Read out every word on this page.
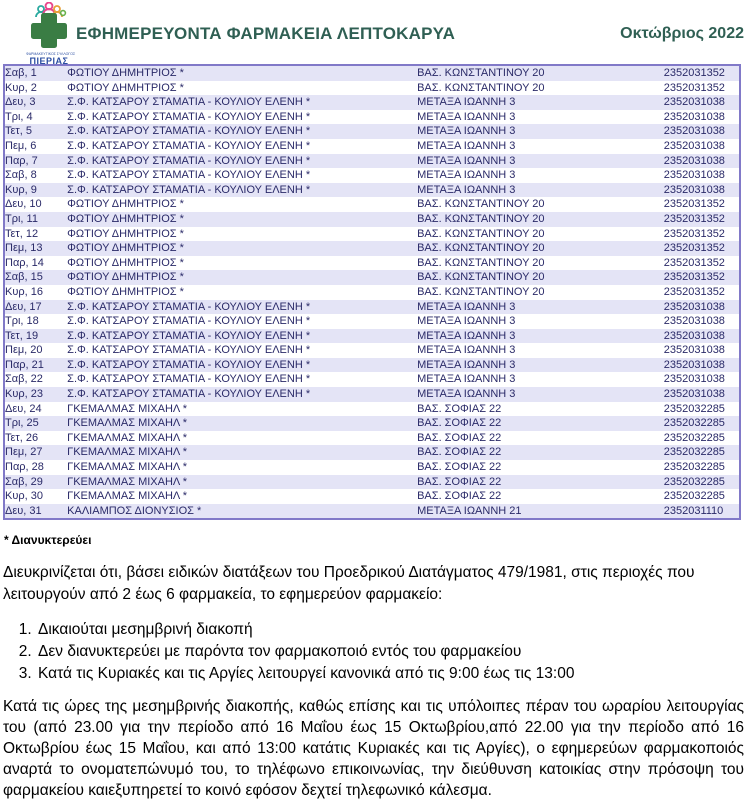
ΦΑΡΜΑΚΕΥΤΙΚΟΣ ΣΥΛΛΟΓΟΣ
ΠΙΕΡΙΑΣ
ΕΦΗΜΕΡΕΥΟΝΤΑ ΦΑΡΜΑΚΕΙΑ ΛΕΠΤΟΚΑΡΥΑ	Οκτώβριος 2022
Σαβ, 1	ΦΩΤΙΟΥ ΔΗΜΗΤΡΙΟΣ *	ΒΑΣ. ΚΩΝΣΤΑΝΤΙΝΟΥ 20	2352031352
Κυρ, 2	ΦΩΤΙΟΥ ΔΗΜΗΤΡΙΟΣ *	ΒΑΣ. ΚΩΝΣΤΑΝΤΙΝΟΥ 20	2352031352
Δευ, 3	Σ.Φ. ΚΑΤΣΑΡΟΥ ΣΤΑΜΑΤΙΑ - ΚΟΥΛΙΟΥ ΕΛΕΝΗ *	ΜΕΤΑΞΑ ΙΩΑΝΝΗ 3	2352031038
Τρι, 4	Σ.Φ. ΚΑΤΣΑΡΟΥ ΣΤΑΜΑΤΙΑ - ΚΟΥΛΙΟΥ ΕΛΕΝΗ *	ΜΕΤΑΞΑ ΙΩΑΝΝΗ 3	2352031038
Τετ, 5	Σ.Φ. ΚΑΤΣΑΡΟΥ ΣΤΑΜΑΤΙΑ - ΚΟΥΛΙΟΥ ΕΛΕΝΗ *	ΜΕΤΑΞΑ ΙΩΑΝΝΗ 3	2352031038
Πεμ, 6	Σ.Φ. ΚΑΤΣΑΡΟΥ ΣΤΑΜΑΤΙΑ - ΚΟΥΛΙΟΥ ΕΛΕΝΗ *	ΜΕΤΑΞΑ ΙΩΑΝΝΗ 3	2352031038
Παρ, 7	Σ.Φ. ΚΑΤΣΑΡΟΥ ΣΤΑΜΑΤΙΑ - ΚΟΥΛΙΟΥ ΕΛΕΝΗ *	ΜΕΤΑΞΑ ΙΩΑΝΝΗ 3	2352031038
Σαβ, 8	Σ.Φ. ΚΑΤΣΑΡΟΥ ΣΤΑΜΑΤΙΑ - ΚΟΥΛΙΟΥ ΕΛΕΝΗ *	ΜΕΤΑΞΑ ΙΩΑΝΝΗ 3	2352031038
Κυρ, 9	Σ.Φ. ΚΑΤΣΑΡΟΥ ΣΤΑΜΑΤΙΑ - ΚΟΥΛΙΟΥ ΕΛΕΝΗ *	ΜΕΤΑΞΑ ΙΩΑΝΝΗ 3	2352031038
Δευ, 10	ΦΩΤΙΟΥ ΔΗΜΗΤΡΙΟΣ *	ΒΑΣ. ΚΩΝΣΤΑΝΤΙΝΟΥ 20	2352031352
Τρι, 11	ΦΩΤΙΟΥ ΔΗΜΗΤΡΙΟΣ *	ΒΑΣ. ΚΩΝΣΤΑΝΤΙΝΟΥ 20	2352031352
Τετ, 12	ΦΩΤΙΟΥ ΔΗΜΗΤΡΙΟΣ *	ΒΑΣ. ΚΩΝΣΤΑΝΤΙΝΟΥ 20	2352031352
Πεμ, 13	ΦΩΤΙΟΥ ΔΗΜΗΤΡΙΟΣ *	ΒΑΣ. ΚΩΝΣΤΑΝΤΙΝΟΥ 20	2352031352
Παρ, 14	ΦΩΤΙΟΥ ΔΗΜΗΤΡΙΟΣ *	ΒΑΣ. ΚΩΝΣΤΑΝΤΙΝΟΥ 20	2352031352
Σαβ, 15	ΦΩΤΙΟΥ ΔΗΜΗΤΡΙΟΣ *	ΒΑΣ. ΚΩΝΣΤΑΝΤΙΝΟΥ 20	2352031352
Κυρ, 16	ΦΩΤΙΟΥ ΔΗΜΗΤΡΙΟΣ *	ΒΑΣ. ΚΩΝΣΤΑΝΤΙΝΟΥ 20	2352031352
Δευ, 17	Σ.Φ. ΚΑΤΣΑΡΟΥ ΣΤΑΜΑΤΙΑ - ΚΟΥΛΙΟΥ ΕΛΕΝΗ *	ΜΕΤΑΞΑ ΙΩΑΝΝΗ 3	2352031038
Τρι, 18	Σ.Φ. ΚΑΤΣΑΡΟΥ ΣΤΑΜΑΤΙΑ - ΚΟΥΛΙΟΥ ΕΛΕΝΗ *	ΜΕΤΑΞΑ ΙΩΑΝΝΗ 3	2352031038
Τετ, 19	Σ.Φ. ΚΑΤΣΑΡΟΥ ΣΤΑΜΑΤΙΑ - ΚΟΥΛΙΟΥ ΕΛΕΝΗ *	ΜΕΤΑΞΑ ΙΩΑΝΝΗ 3	2352031038
Πεμ, 20	Σ.Φ. ΚΑΤΣΑΡΟΥ ΣΤΑΜΑΤΙΑ - ΚΟΥΛΙΟΥ ΕΛΕΝΗ *	ΜΕΤΑΞΑ ΙΩΑΝΝΗ 3	2352031038
Παρ, 21	Σ.Φ. ΚΑΤΣΑΡΟΥ ΣΤΑΜΑΤΙΑ - ΚΟΥΛΙΟΥ ΕΛΕΝΗ *	ΜΕΤΑΞΑ ΙΩΑΝΝΗ 3	2352031038
Σαβ, 22	Σ.Φ. ΚΑΤΣΑΡΟΥ ΣΤΑΜΑΤΙΑ - ΚΟΥΛΙΟΥ ΕΛΕΝΗ *	ΜΕΤΑΞΑ ΙΩΑΝΝΗ 3	2352031038
Κυρ, 23	Σ.Φ. ΚΑΤΣΑΡΟΥ ΣΤΑΜΑΤΙΑ - ΚΟΥΛΙΟΥ ΕΛΕΝΗ *	ΜΕΤΑΞΑ ΙΩΑΝΝΗ 3	2352031038
Δευ, 24	ΓΚΕΜΑΛΜΑΣ ΜΙΧΑΗΛ *	ΒΑΣ. ΣΟΦΙΑΣ 22	2352032285
Τρι, 25	ΓΚΕΜΑΛΜΑΣ ΜΙΧΑΗΛ *	ΒΑΣ. ΣΟΦΙΑΣ 22	2352032285
Τετ, 26	ΓΚΕΜΑΛΜΑΣ ΜΙΧΑΗΛ *	ΒΑΣ. ΣΟΦΙΑΣ 22	2352032285
Πεμ, 27	ΓΚΕΜΑΛΜΑΣ ΜΙΧΑΗΛ *	ΒΑΣ. ΣΟΦΙΑΣ 22	2352032285
Παρ, 28	ΓΚΕΜΑΛΜΑΣ ΜΙΧΑΗΛ *	ΒΑΣ. ΣΟΦΙΑΣ 22	2352032285
Σαβ, 29	ΓΚΕΜΑΛΜΑΣ ΜΙΧΑΗΛ *	ΒΑΣ. ΣΟΦΙΑΣ 22	2352032285
Κυρ, 30	ΓΚΕΜΑΛΜΑΣ ΜΙΧΑΗΛ *	ΒΑΣ. ΣΟΦΙΑΣ 22	2352032285
Δευ, 31	ΚΑΛΙΑΜΠΟΣ ΔΙΟΝΥΣΙΟΣ *	ΜΕΤΑΞΑ ΙΩΑΝΝΗ 21	2352031110
* Διανυκτερεύει
Διευκρινίζεται ότι, βάσει ειδικών διατάξεων του Προεδρικού Διατάγματος 479/1981, στις περιοχές που λειτουργούν από 2 έως 6 φαρμακεία, το εφημερεύον φαρμακείο:
1. Δικαιούται μεσημβρινή διακοπή
2. Δεν διανυκτερεύει με παρόντα τον φαρμακοποιό εντός του φαρμακείου
3. Κατά τις Κυριακές και τις Αργίες λειτουργεί κανονικά από τις 9:00 έως τις 13:00
Κατά τις ώρες της μεσημβρινής διακοπής, καθώς επίσης και τις υπόλοιπες πέραν του ωραρίου λειτουργίας του (από 23.00 για την περίοδο από 16 Μαΐου έως 15 Οκτωβρίου,από 22.00 για την περίοδο από 16 Οκτωβρίου έως 15 Μαΐου, και από 13:00 κατάτις Κυριακές και τις Αργίες), ο εφημερεύων φαρμακοποιός αναρτά το ονοματεπώνυμό του, το τηλέφωνο επικοινωνίας, την διεύθυνση κατοικίας στην πρόσοψη του φαρμακείου καιεξυπηρετεί το κοινό εφόσον δεχτεί τηλεφωνικό κάλεσμα.
